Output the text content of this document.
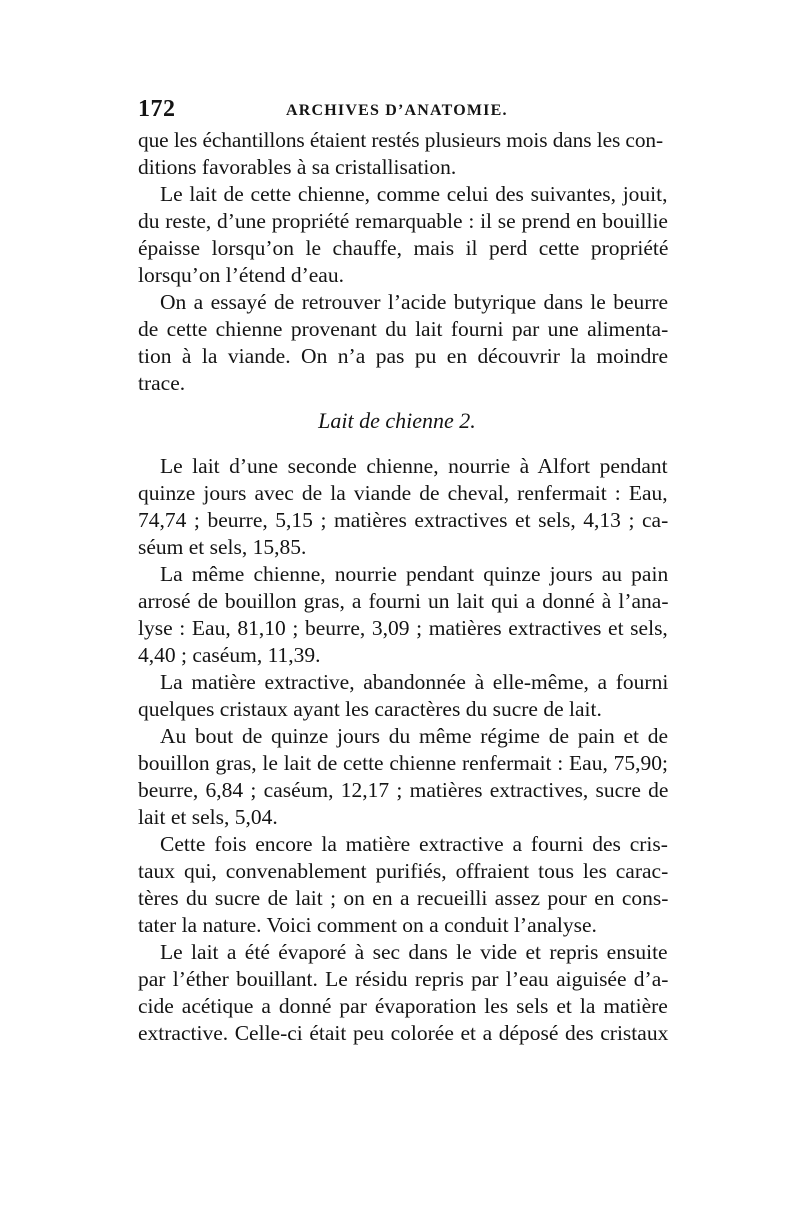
172	ARCHIVES D’ANATOMIE.
que les échantillons étaient restés plusieurs mois dans les con-
ditions favorables à sa cristallisation.
Le lait de cette chienne, comme celui des suivantes, jouit,
du reste, d’une propriété remarquable : il se prend en bouillie
épaisse lorsqu’on le chauffe, mais il perd cette propriété
lorsqu’on l’étend d’eau.
On a essayé de retrouver l’acide butyrique dans le beurre
de cette chienne provenant du lait fourni par une alimenta-
tion à la viande. On n’a pas pu en découvrir la moindre
trace.
Lait de chienne 2.
Le lait d’une seconde chienne, nourrie à Alfort pendant
quinze jours avec de la viande de cheval, renfermait : Eau,
74,74 ; beurre, 5,15 ; matières extractives et sels, 4,13 ; ca-
séum et sels, 15,85.
La même chienne, nourrie pendant quinze jours au pain
arrosé de bouillon gras, a fourni un lait qui a donné à l’ana-
lyse : Eau, 81,10 ; beurre, 3,09 ; matières extractives et sels,
4,40 ; caséum, 11,39.
La matière extractive, abandonnée à elle-même, a fourni
quelques cristaux ayant les caractères du sucre de lait.
Au bout de quinze jours du même régime de pain et de
bouillon gras, le lait de cette chienne renfermait : Eau, 75,90;
beurre, 6,84 ; caséum, 12,17 ; matières extractives, sucre de
lait et sels, 5,04.
Cette fois encore la matière extractive a fourni des cris-
taux qui, convenablement purifiés, offraient tous les carac-
tères du sucre de lait ; on en a recueilli assez pour en cons-
tater la nature. Voici comment on a conduit l’analyse.
Le lait a été évaporé à sec dans le vide et repris ensuite
par l’éther bouillant. Le résidu repris par l’eau aiguisée d’a-
cide acétique a donné par évaporation les sels et la matière
extractive. Celle-ci était peu colorée et a déposé des cristaux
